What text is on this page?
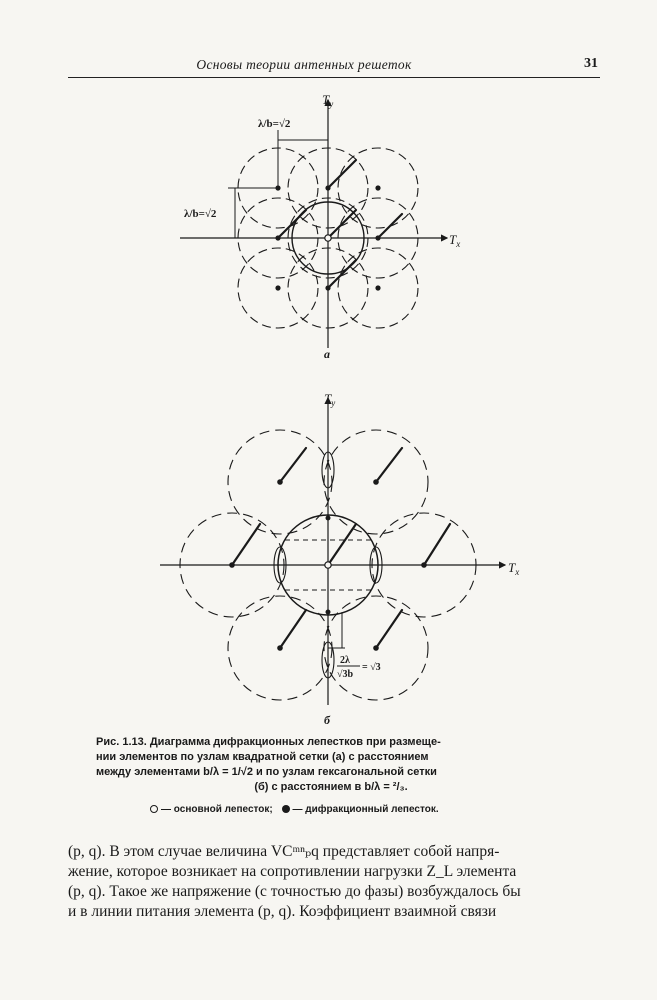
Основы теории антенных решеток	31
$T_x$
$T_y$
λ/b=√2
λ/b=√2
а
$T_x$
$T_y$
2λ
√3b
= √3
б
Рис. 1.13. Диаграмма дифракционных лепестков при размеще-
нии элементов по узлам квадратной сетки (а) с расстоянием
между элементами b/λ = 1/√2 и по узлам гексагональной сетки

(б) с расстоянием в b/λ = ²/₃.
— основной лепесток; — дифракционный лепесток.

(p, q). В этом случае величина VCᵐⁿₚq представляет собой напря-

жение, которое возникает на сопротивлении нагрузки Z_L элемента

(p, q). Такое же напряжение (с точностью до фазы) возбуждалось бы

и в линии питания элемента (p, q). Коэффициент взаимной связи
